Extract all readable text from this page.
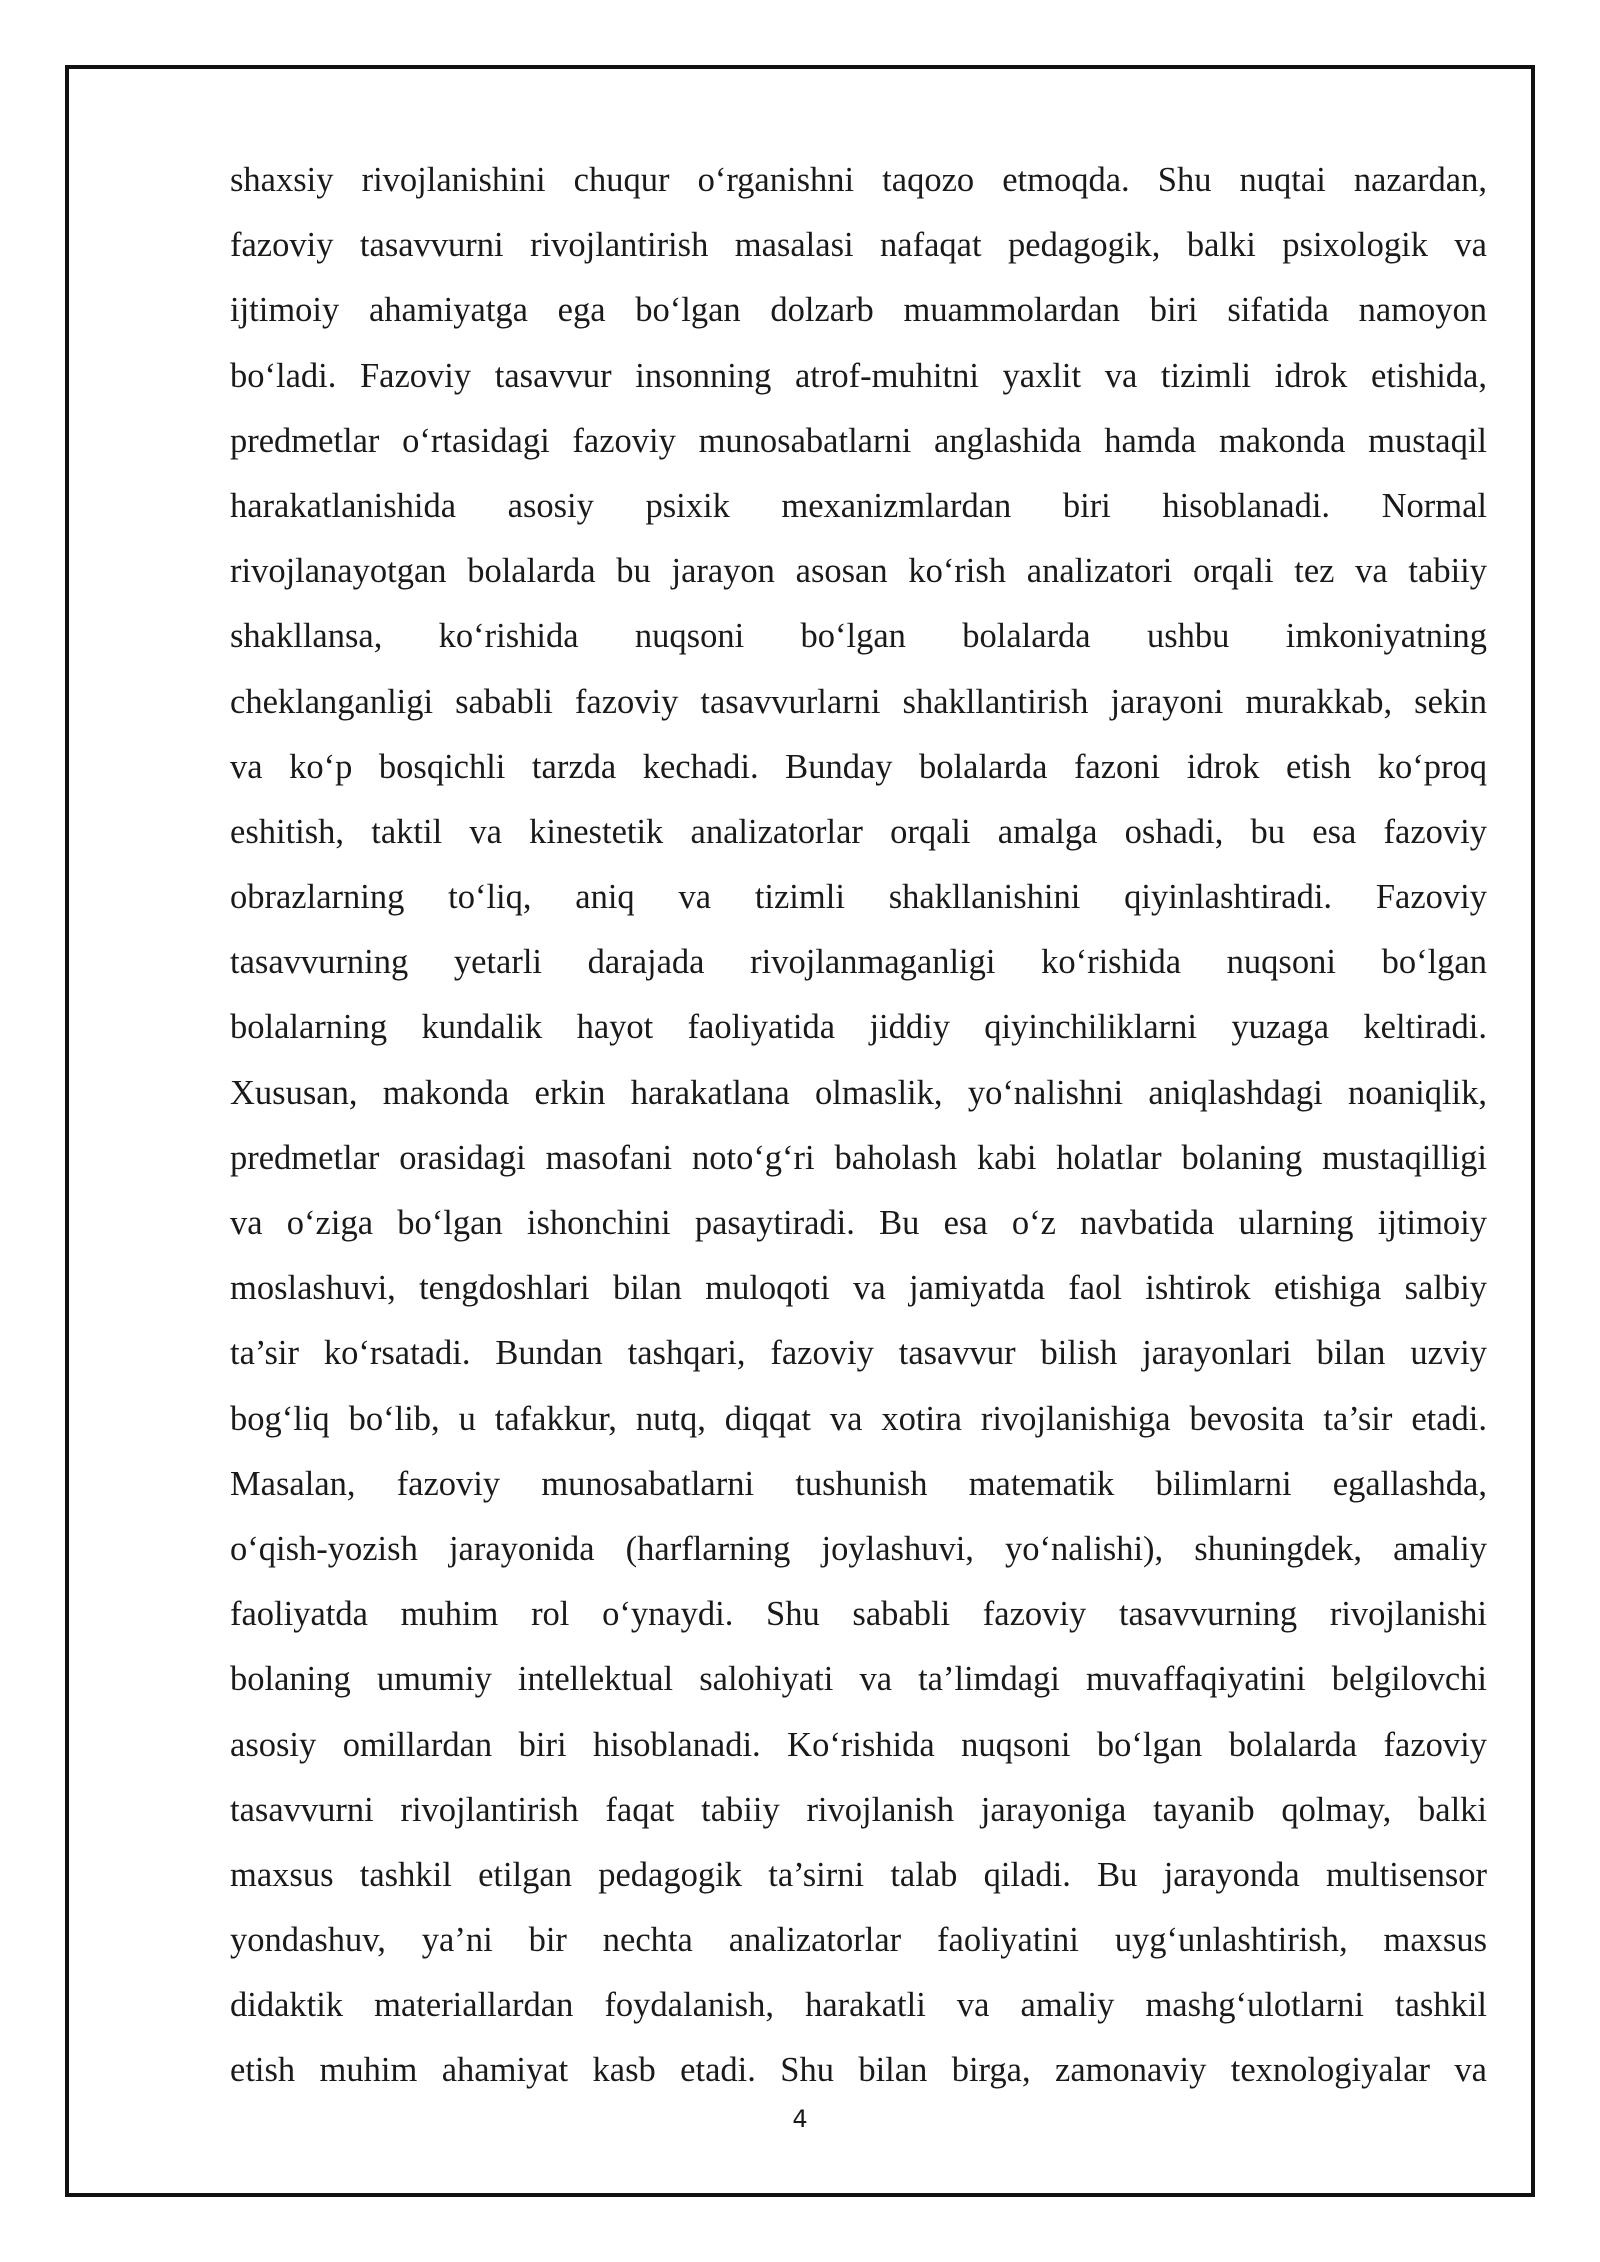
shaxsiy rivojlanishini chuqur o‘rganishni taqozo etmoqda. Shu nuqtai nazardan,
fazoviy tasavvurni rivojlantirish masalasi nafaqat pedagogik, balki psixologik va
ijtimoiy ahamiyatga ega bo‘lgan dolzarb muammolardan biri sifatida namoyon
bo‘ladi. Fazoviy tasavvur insonning atrof-muhitni yaxlit va tizimli idrok etishida,
predmetlar o‘rtasidagi fazoviy munosabatlarni anglashida hamda makonda mustaqil
harakatlanishida asosiy psixik mexanizmlardan biri hisoblanadi. Normal
rivojlanayotgan bolalarda bu jarayon asosan ko‘rish analizatori orqali tez va tabiiy
shakllansa, ko‘rishida nuqsoni bo‘lgan bolalarda ushbu imkoniyatning
cheklanganligi sababli fazoviy tasavvurlarni shakllantirish jarayoni murakkab, sekin
va ko‘p bosqichli tarzda kechadi. Bunday bolalarda fazoni idrok etish ko‘proq
eshitish, taktil va kinestetik analizatorlar orqali amalga oshadi, bu esa fazoviy
obrazlarning to‘liq, aniq va tizimli shakllanishini qiyinlashtiradi. Fazoviy
tasavvurning yetarli darajada rivojlanmaganligi ko‘rishida nuqsoni bo‘lgan
bolalarning kundalik hayot faoliyatida jiddiy qiyinchiliklarni yuzaga keltiradi.
Xususan, makonda erkin harakatlana olmaslik, yo‘nalishni aniqlashdagi noaniqlik,
predmetlar orasidagi masofani noto‘g‘ri baholash kabi holatlar bolaning mustaqilligi
va o‘ziga bo‘lgan ishonchini pasaytiradi. Bu esa o‘z navbatida ularning ijtimoiy
moslashuvi, tengdoshlari bilan muloqoti va jamiyatda faol ishtirok etishiga salbiy
ta’sir ko‘rsatadi. Bundan tashqari, fazoviy tasavvur bilish jarayonlari bilan uzviy
bog‘liq bo‘lib, u tafakkur, nutq, diqqat va xotira rivojlanishiga bevosita ta’sir etadi.
Masalan, fazoviy munosabatlarni tushunish matematik bilimlarni egallashda,
o‘qish-yozish jarayonida (harflarning joylashuvi, yo‘nalishi), shuningdek, amaliy
faoliyatda muhim rol o‘ynaydi. Shu sababli fazoviy tasavvurning rivojlanishi
bolaning umumiy intellektual salohiyati va ta’limdagi muvaffaqiyatini belgilovchi
asosiy omillardan biri hisoblanadi. Ko‘rishida nuqsoni bo‘lgan bolalarda fazoviy
tasavvurni rivojlantirish faqat tabiiy rivojlanish jarayoniga tayanib qolmay, balki
maxsus tashkil etilgan pedagogik ta’sirni talab qiladi. Bu jarayonda multisensor
yondashuv, ya’ni bir nechta analizatorlar faoliyatini uyg‘unlashtirish, maxsus
didaktik materiallardan foydalanish, harakatli va amaliy mashg‘ulotlarni tashkil
etish muhim ahamiyat kasb etadi. Shu bilan birga, zamonaviy texnologiyalar va
4
